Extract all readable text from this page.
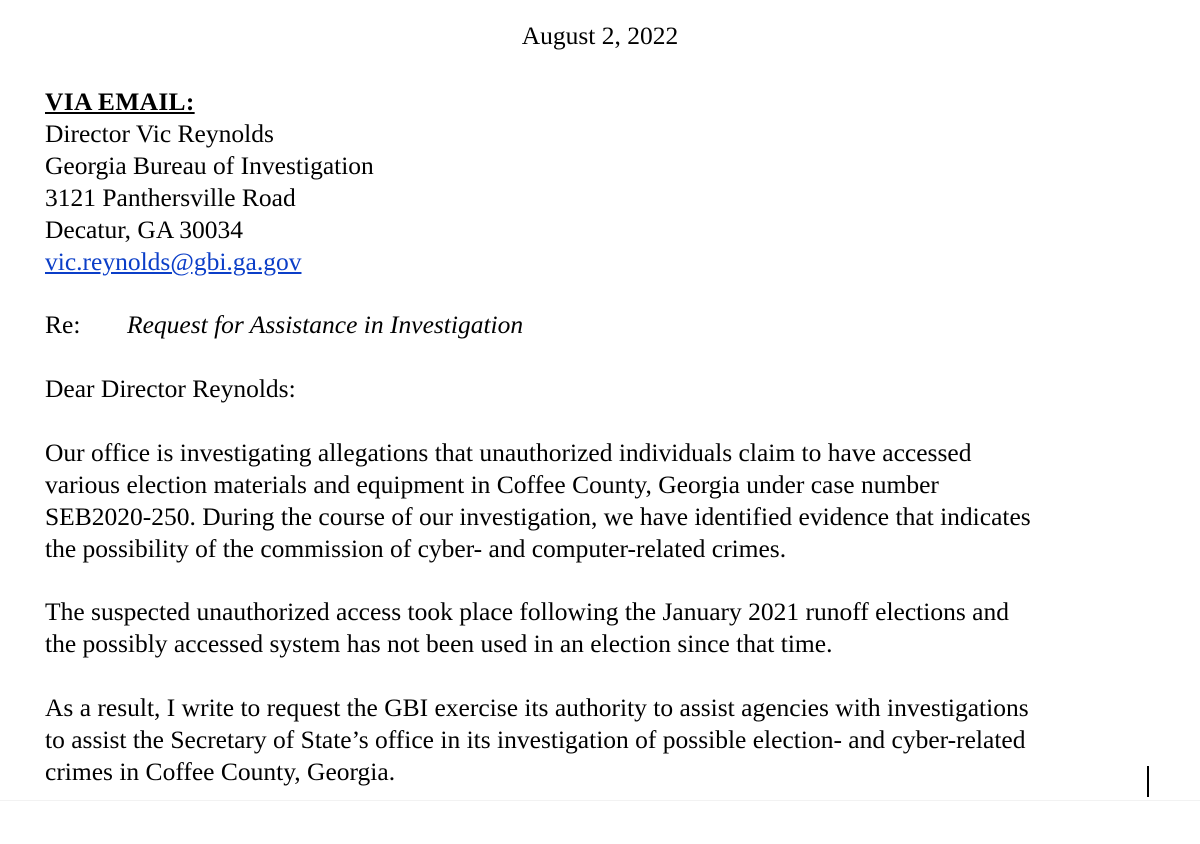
August 2, 2022

VIA EMAIL:

Director Vic Reynolds

Georgia Bureau of Investigation

3121 Panthersville Road

Decatur, GA 30034

vic.reynolds@gbi.ga.gov

Re: Request for Assistance in Investigation

Dear Director Reynolds:

Our office is investigating allegations that unauthorized individuals claim to have accessed

various election materials and equipment in Coffee County, Georgia under case number

SEB2020-250. During the course of our investigation, we have identified evidence that indicates

the possibility of the commission of cyber- and computer-related crimes.

The suspected unauthorized access took place following the January 2021 runoff elections and

the possibly accessed system has not been used in an election since that time.

As a result, I write to request the GBI exercise its authority to assist agencies with investigations

to assist the Secretary of State’s office in its investigation of possible election- and cyber-related

crimes in Coffee County, Georgia.
